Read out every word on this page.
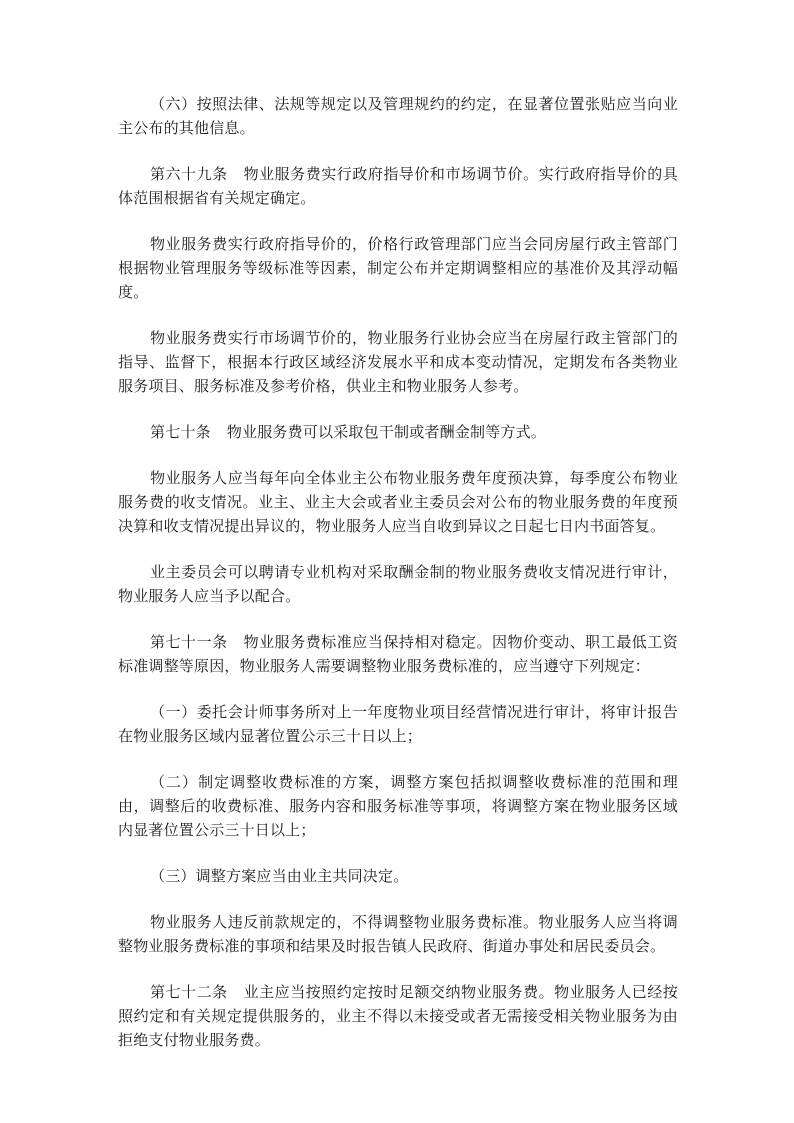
（六）按照法律、法规等规定以及管理规约的约定，在显著位置张贴应当向业主公布的其他信息。

第六十九条 物业服务费实行政府指导价和市场调节价。实行政府指导价的具体范围根据省有关规定确定。

物业服务费实行政府指导价的，价格行政管理部门应当会同房屋行政主管部门根据物业管理服务等级标准等因素，制定公布并定期调整相应的基准价及其浮动幅度。

物业服务费实行市场调节价的，物业服务行业协会应当在房屋行政主管部门的指导、监督下，根据本行政区域经济发展水平和成本变动情况，定期发布各类物业服务项目、服务标准及参考价格，供业主和物业服务人参考。

第七十条 物业服务费可以采取包干制或者酬金制等方式。

物业服务人应当每年向全体业主公布物业服务费年度预决算，每季度公布物业服务费的收支情况。业主、业主大会或者业主委员会对公布的物业服务费的年度预决算和收支情况提出异议的，物业服务人应当自收到异议之日起七日内书面答复。

业主委员会可以聘请专业机构对采取酬金制的物业服务费收支情况进行审计，物业服务人应当予以配合。

第七十一条 物业服务费标准应当保持相对稳定。因物价变动、职工最低工资标准调整等原因，物业服务人需要调整物业服务费标准的，应当遵守下列规定：

（一）委托会计师事务所对上一年度物业项目经营情况进行审计，将审计报告在物业服务区域内显著位置公示三十日以上；

（二）制定调整收费标准的方案，调整方案包括拟调整收费标准的范围和理由，调整后的收费标准、服务内容和服务标准等事项，将调整方案在物业服务区域内显著位置公示三十日以上；

（三）调整方案应当由业主共同决定。

物业服务人违反前款规定的，不得调整物业服务费标准。物业服务人应当将调整物业服务费标准的事项和结果及时报告镇人民政府、街道办事处和居民委员会。

第七十二条 业主应当按照约定按时足额交纳物业服务费。物业服务人已经按照约定和有关规定提供服务的，业主不得以未接受或者无需接受相关物业服务为由拒绝支付物业服务费。
